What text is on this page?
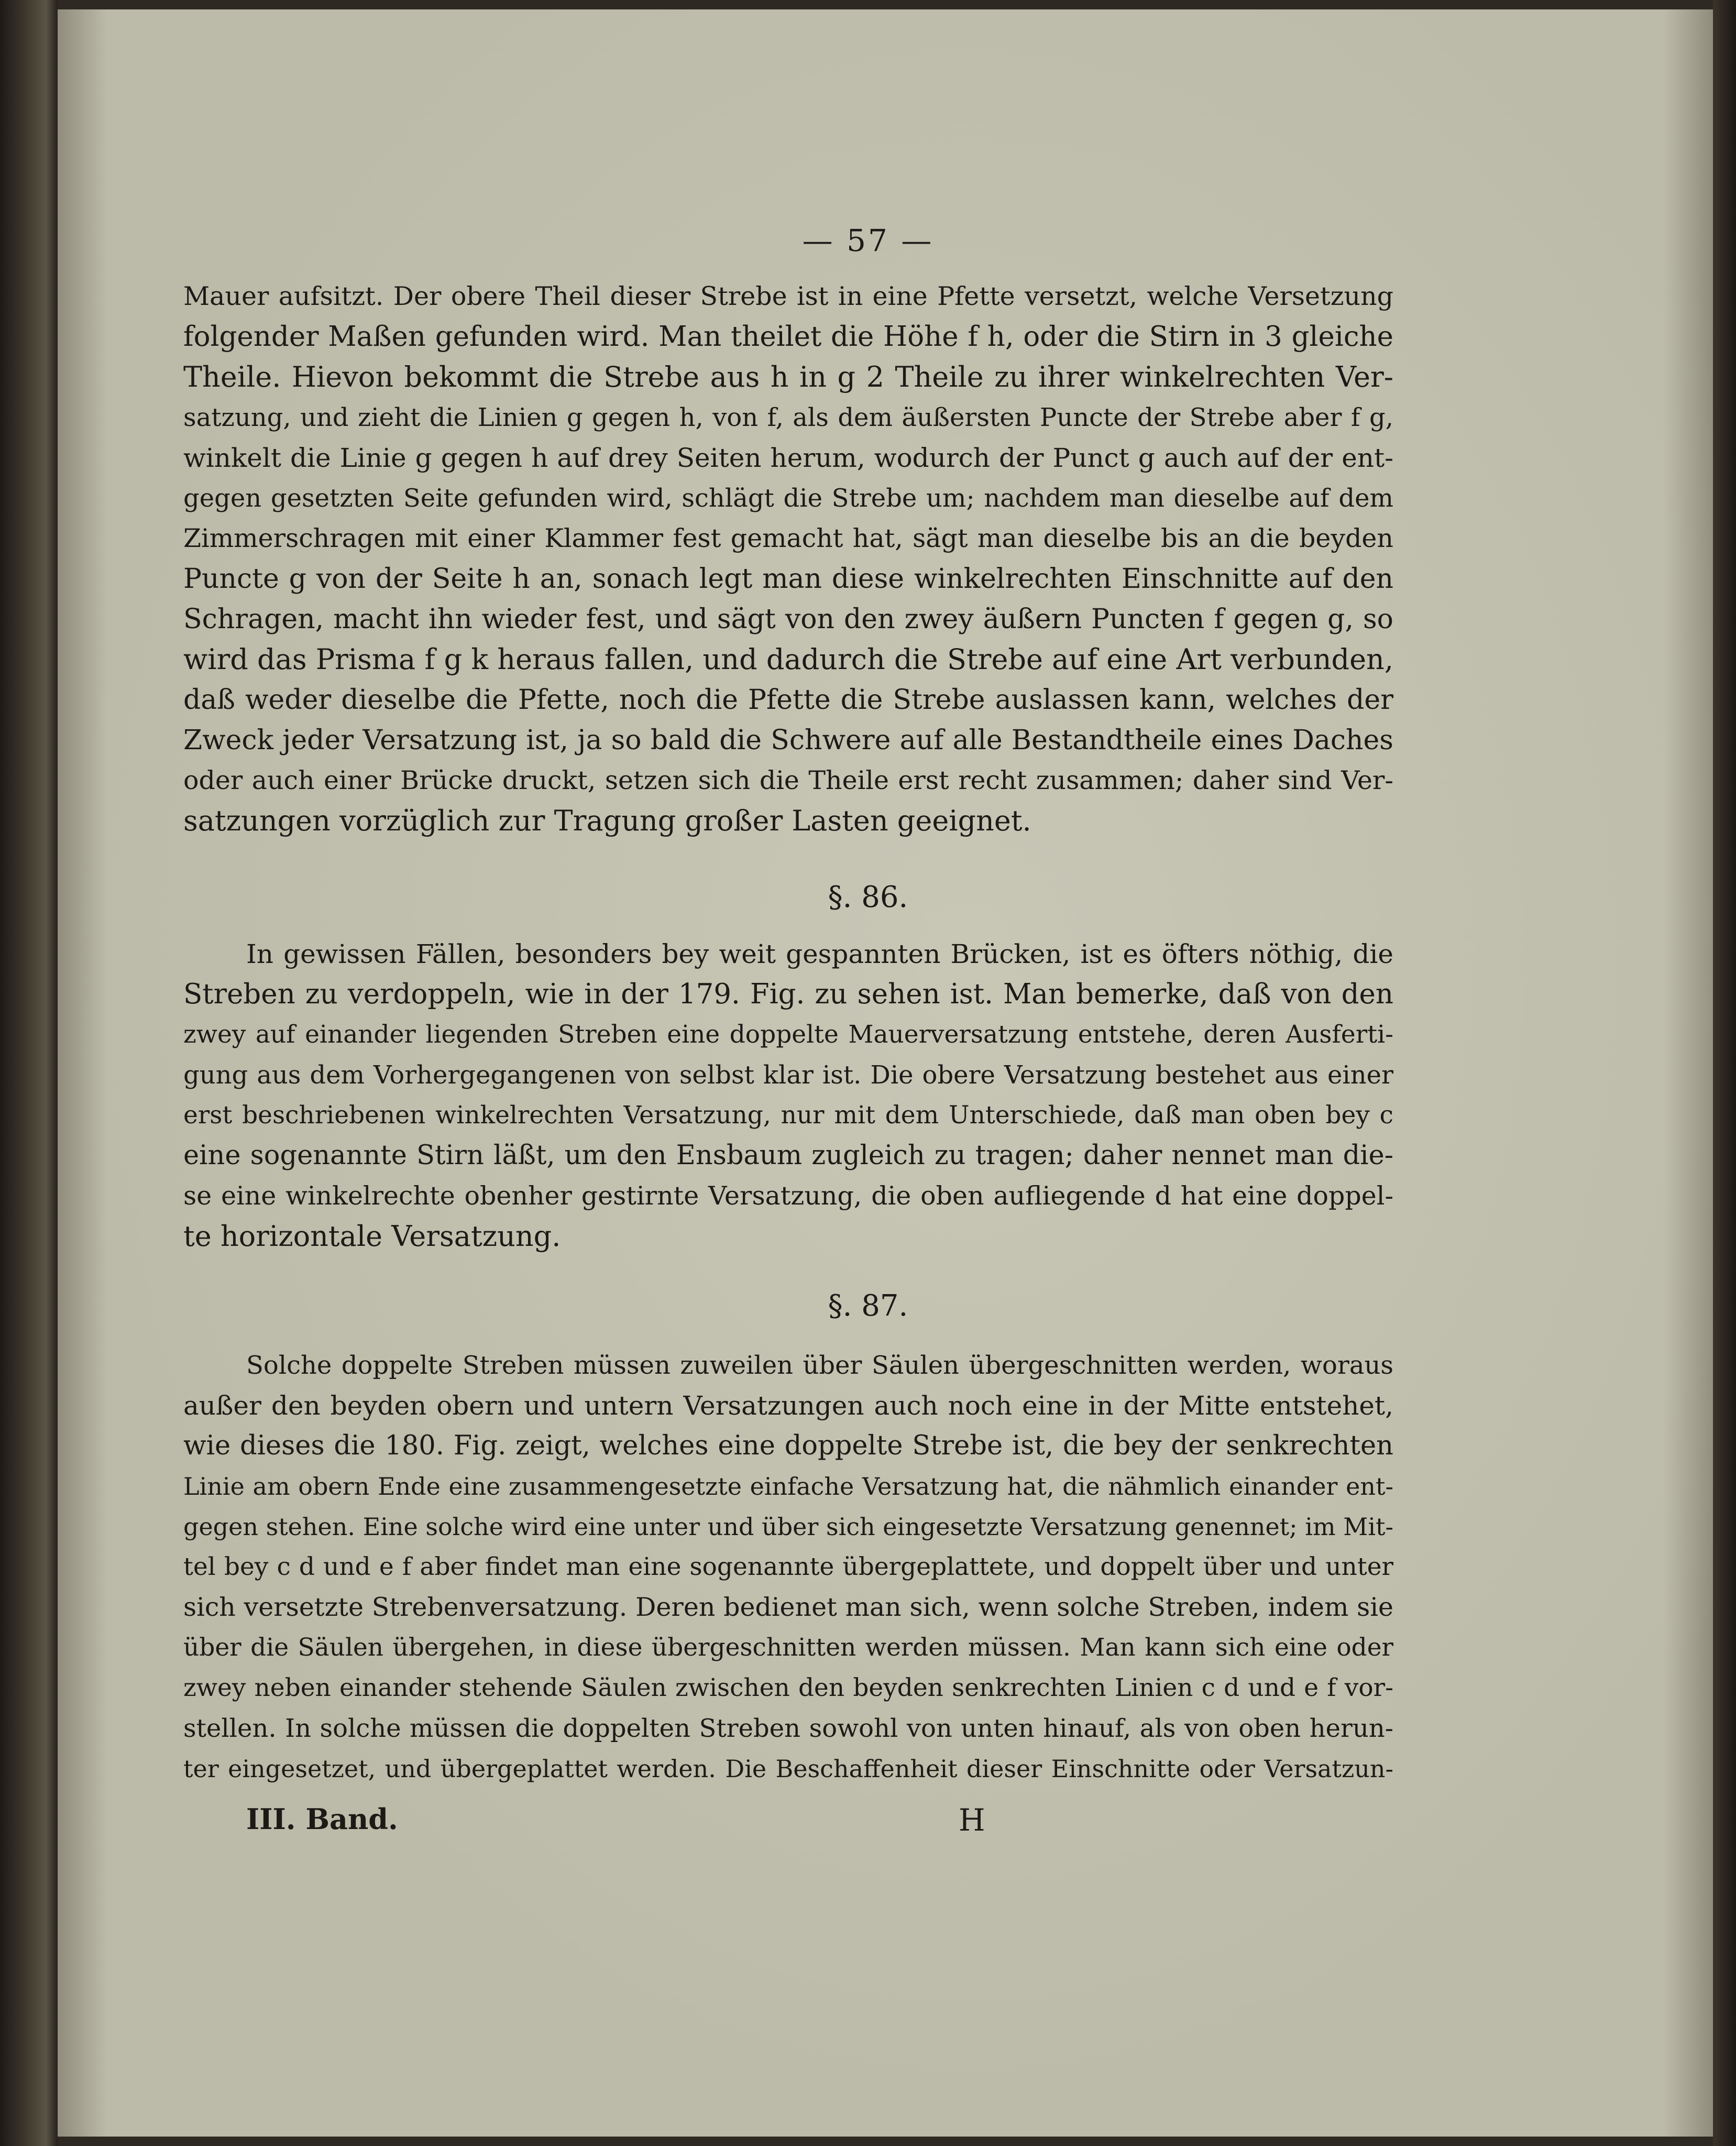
— 57 —
Mauer aufsitzt. Der obere Theil dieser Strebe ist in eine Pfette versetzt, welche Versetzung
folgender Maßen gefunden wird. Man theilet die Höhe f h, oder die Stirn in 3 gleiche
Theile. Hievon bekommt die Strebe aus h in g 2 Theile zu ihrer winkelrechten Ver-
satzung, und zieht die Linien g gegen h, von f, als dem äußersten Puncte der Strebe aber f g,
winkelt die Linie g gegen h auf drey Seiten herum, wodurch der Punct g auch auf der ent-
gegen gesetzten Seite gefunden wird, schlägt die Strebe um; nachdem man dieselbe auf dem
Zimmerschragen mit einer Klammer fest gemacht hat, sägt man dieselbe bis an die beyden
Puncte g von der Seite h an, sonach legt man diese winkelrechten Einschnitte auf den
Schragen, macht ihn wieder fest, und sägt von den zwey äußern Puncten f gegen g, so
wird das Prisma f g k heraus fallen, und dadurch die Strebe auf eine Art verbunden,
daß weder dieselbe die Pfette, noch die Pfette die Strebe auslassen kann, welches der
Zweck jeder Versatzung ist, ja so bald die Schwere auf alle Bestandtheile eines Daches
oder auch einer Brücke druckt, setzen sich die Theile erst recht zusammen; daher sind Ver-
satzungen vorzüglich zur Tragung großer Lasten geeignet.
§. 86.
In gewissen Fällen, besonders bey weit gespannten Brücken, ist es öfters nöthig, die
Streben zu verdoppeln, wie in der 179. Fig. zu sehen ist. Man bemerke, daß von den
zwey auf einander liegenden Streben eine doppelte Mauerversatzung entstehe, deren Ausferti-
gung aus dem Vorhergegangenen von selbst klar ist. Die obere Versatzung bestehet aus einer
erst beschriebenen winkelrechten Versatzung, nur mit dem Unterschiede, daß man oben bey c
eine sogenannte Stirn läßt, um den Ensbaum zugleich zu tragen; daher nennet man die-
se eine winkelrechte obenher gestirnte Versatzung, die oben aufliegende d hat eine doppel-
te horizontale Versatzung.
§. 87.
Solche doppelte Streben müssen zuweilen über Säulen übergeschnitten werden, woraus
außer den beyden obern und untern Versatzungen auch noch eine in der Mitte entstehet,
wie dieses die 180. Fig. zeigt, welches eine doppelte Strebe ist, die bey der senkrechten
Linie am obern Ende eine zusammengesetzte einfache Versatzung hat, die nähmlich einander ent-
gegen stehen. Eine solche wird eine unter und über sich eingesetzte Versatzung genennet; im Mit-
tel bey c d und e f aber findet man eine sogenannte übergeplattete, und doppelt über und unter
sich versetzte Strebenversatzung. Deren bedienet man sich, wenn solche Streben, indem sie
über die Säulen übergehen, in diese übergeschnitten werden müssen. Man kann sich eine oder
zwey neben einander stehende Säulen zwischen den beyden senkrechten Linien c d und e f vor-
stellen. In solche müssen die doppelten Streben sowohl von unten hinauf, als von oben herun-
ter eingesetzet, und übergeplattet werden. Die Beschaffenheit dieser Einschnitte oder Versatzun-
III. Band.	H
